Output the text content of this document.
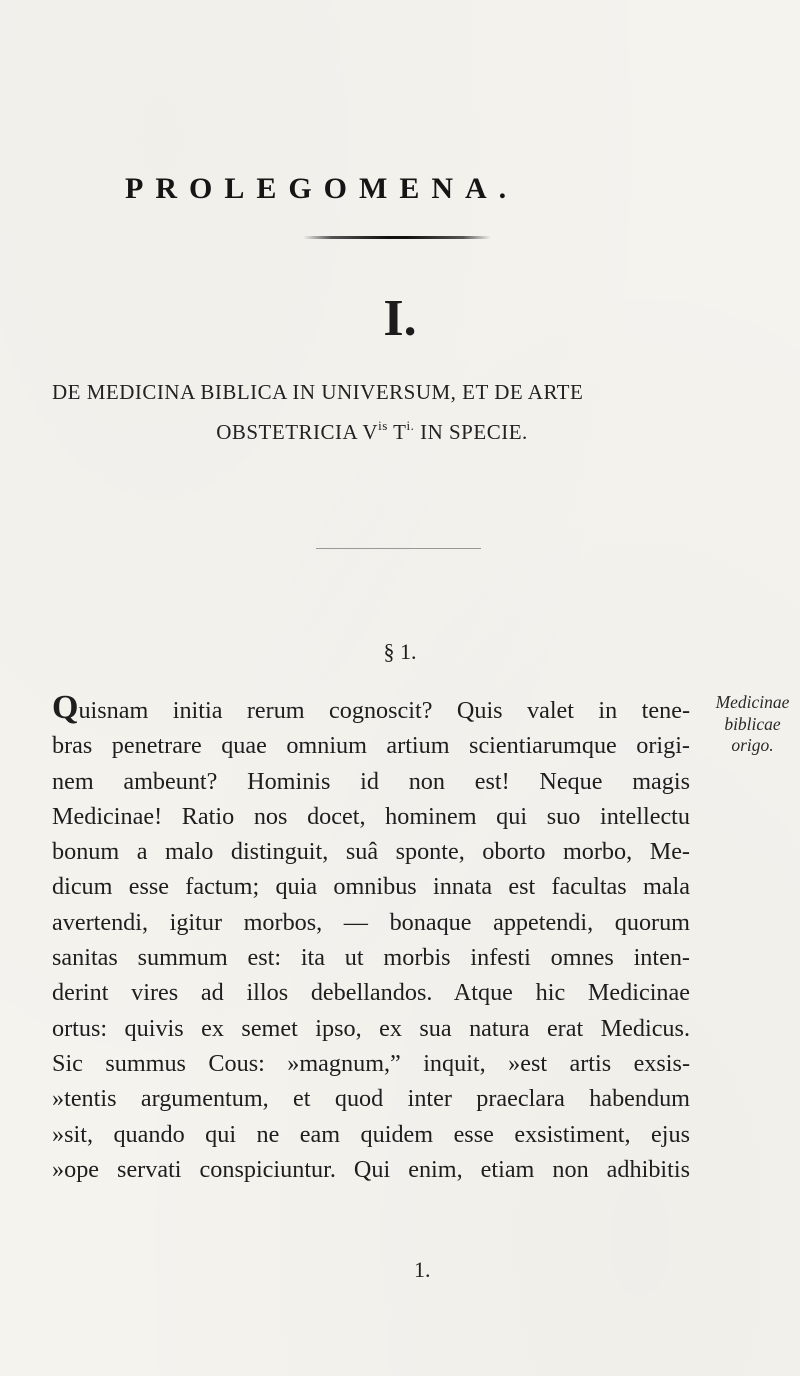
PROLEGOMENA.
I.
DE MEDICINA BIBLICA IN UNIVERSUM, ET DE ARTE
OBSTETRICIA $V^{is}$ $T^{i.}$ IN SPECIE.
§ 1.
Quisnam initia rerum cognoscit? Quis valet in tene-
bras penetrare quae omnium artium scientiarumque origi-
nem ambeunt? Hominis id non est! Neque magis
Medicinae! Ratio nos docet, hominem qui suo intellectu
bonum a malo distinguit, suâ sponte, oborto morbo, Me-
dicum esse factum; quia omnibus innata est facultas mala
avertendi, igitur morbos, — bonaque appetendi, quorum
sanitas summum est: ita ut morbis infesti omnes inten-
derint vires ad illos debellandos. Atque hic Medicinae
ortus: quivis ex semet ipso, ex sua natura erat Medicus.
Sic summus Cous: »magnum,” inquit, »est artis exsis-
»tentis argumentum, et quod inter praeclara habendum
»sit, quando qui ne eam quidem esse exsistiment, ejus
»ope servati conspiciuntur. Qui enim, etiam non adhibitis
Medicinae
biblicae
origo.
1.
